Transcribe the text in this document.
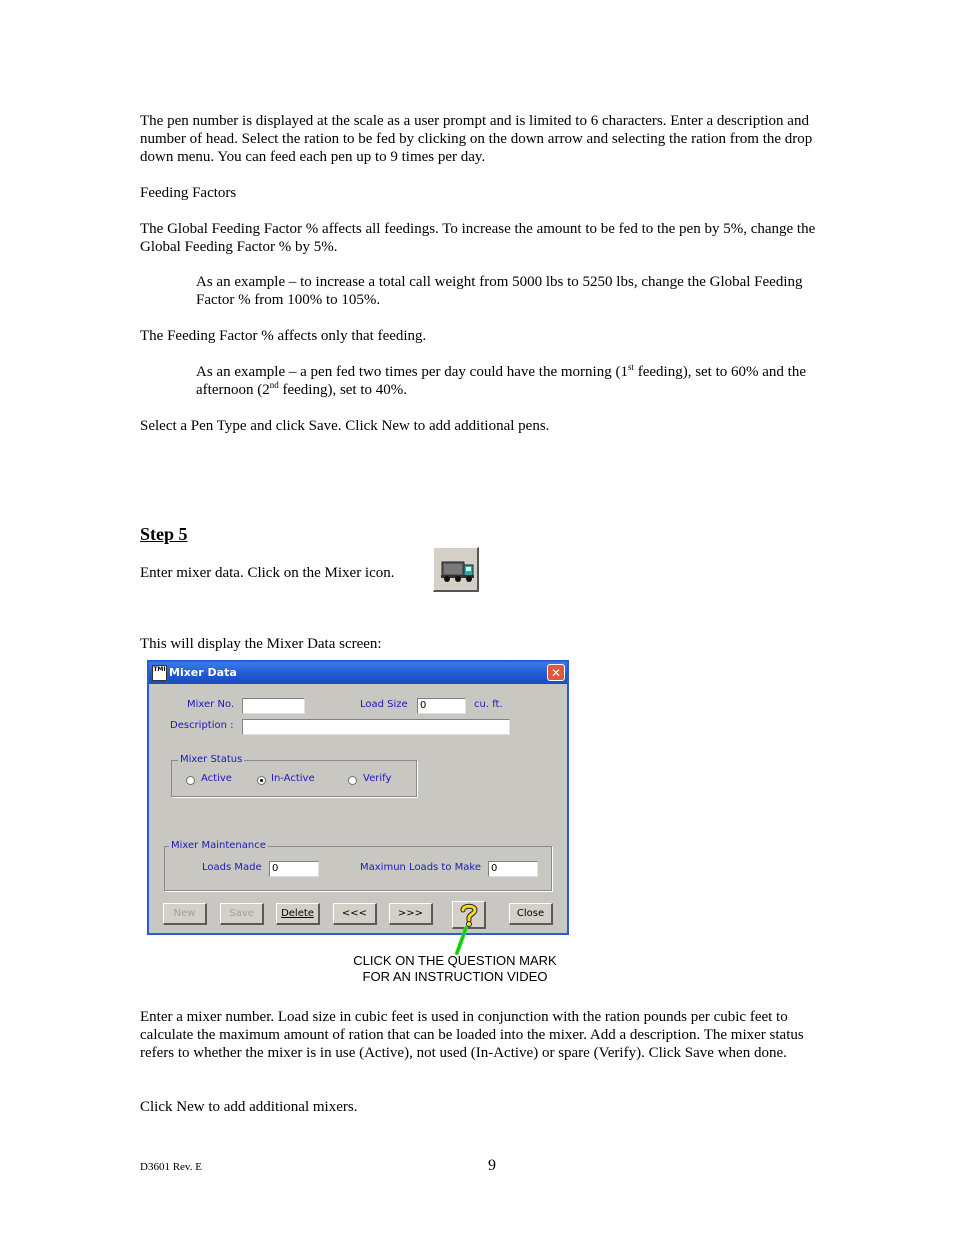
The pen number is displayed at the scale as a user prompt and is limited to 6 characters. Enter a description and number of head. Select the ration to be fed by clicking on the down arrow and selecting the ration from the drop down menu. You can feed each pen up to 9 times per day.

Feeding Factors

The Global Feeding Factor % affects all feedings. To increase the amount to be fed to the pen by 5%, change the Global Feeding Factor % by 5%.

As an example – to increase a total call weight from 5000 lbs to 5250 lbs, change the Global Feeding Factor % from 100% to 105%.

The Feeding Factor % affects only that feeding.

As an example – a pen fed two times per day could have the morning (1st feeding), set to 60% and the afternoon (2nd feeding), set to 40%.

Select a Pen Type and click Save. Click New to add additional pens.

Step 5

Enter mixer data. Click on the Mixer icon.

This will display the Mixer Data screen:

TMI Mixer Data	✕
Mixer No.	Load Size	0	cu. ft.
Description :
Mixer Status
Active	In-Active	Verify
Mixer Maintenance
Loads Made	0	Maximun Loads to Make	0
New	Save	Delete	<<<	>>>	Close
CLICK ON THE QUESTION MARK
FOR AN INSTRUCTION VIDEO

Enter a mixer number. Load size in cubic feet is used in conjunction with the ration pounds per cubic feet to calculate the maximum amount of ration that can be loaded into the mixer. Add a description. The mixer status refers to whether the mixer is in use (Active), not used (In-Active) or spare (Verify). Click Save when done.

Click New to add additional mixers.

D3601 Rev. E	9
